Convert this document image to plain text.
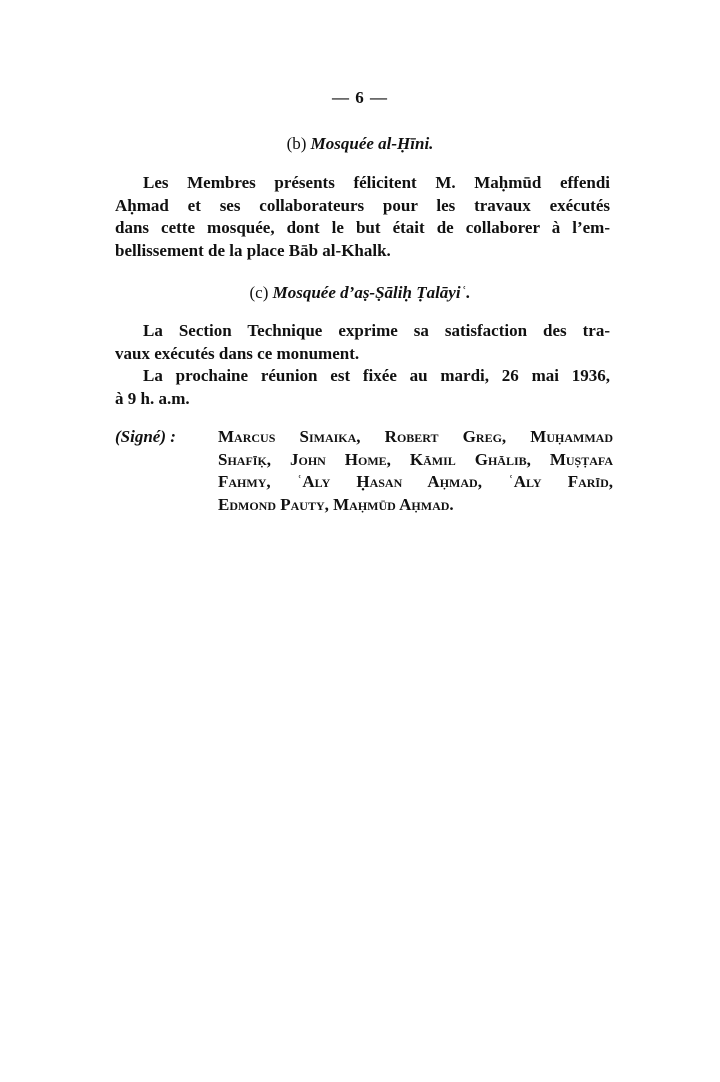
— 6 —
(b) Mosquée al-Ḥīni.
Les Membres présents félicitent M. Maḥmūd effendi
Aḥmad et ses collaborateurs pour les travaux exécutés
dans cette mosquée, dont le but était de collaborer à l’em-
bellissement de la place Bāb al-Khalk.
(c) Mosquée d’aṣ-Ṣāliḥ Ṭalāyiʿ.
La Section Technique exprime sa satisfaction des tra-
vaux exécutés dans ce monument.
La prochaine réunion est fixée au mardi, 26 mai 1936,
à 9 h. a.m.
(Signé) : Marcus Simaika, Robert Greg, Muḥammad
Shafīḳ, John Home, Kāmil Ghālib, Muṣṭafa
Fahmy, ʿAly Ḥasan Aḥmad, ʿAly Farīd,
Edmond Pauty, Maḥmūd Aḥmad.
